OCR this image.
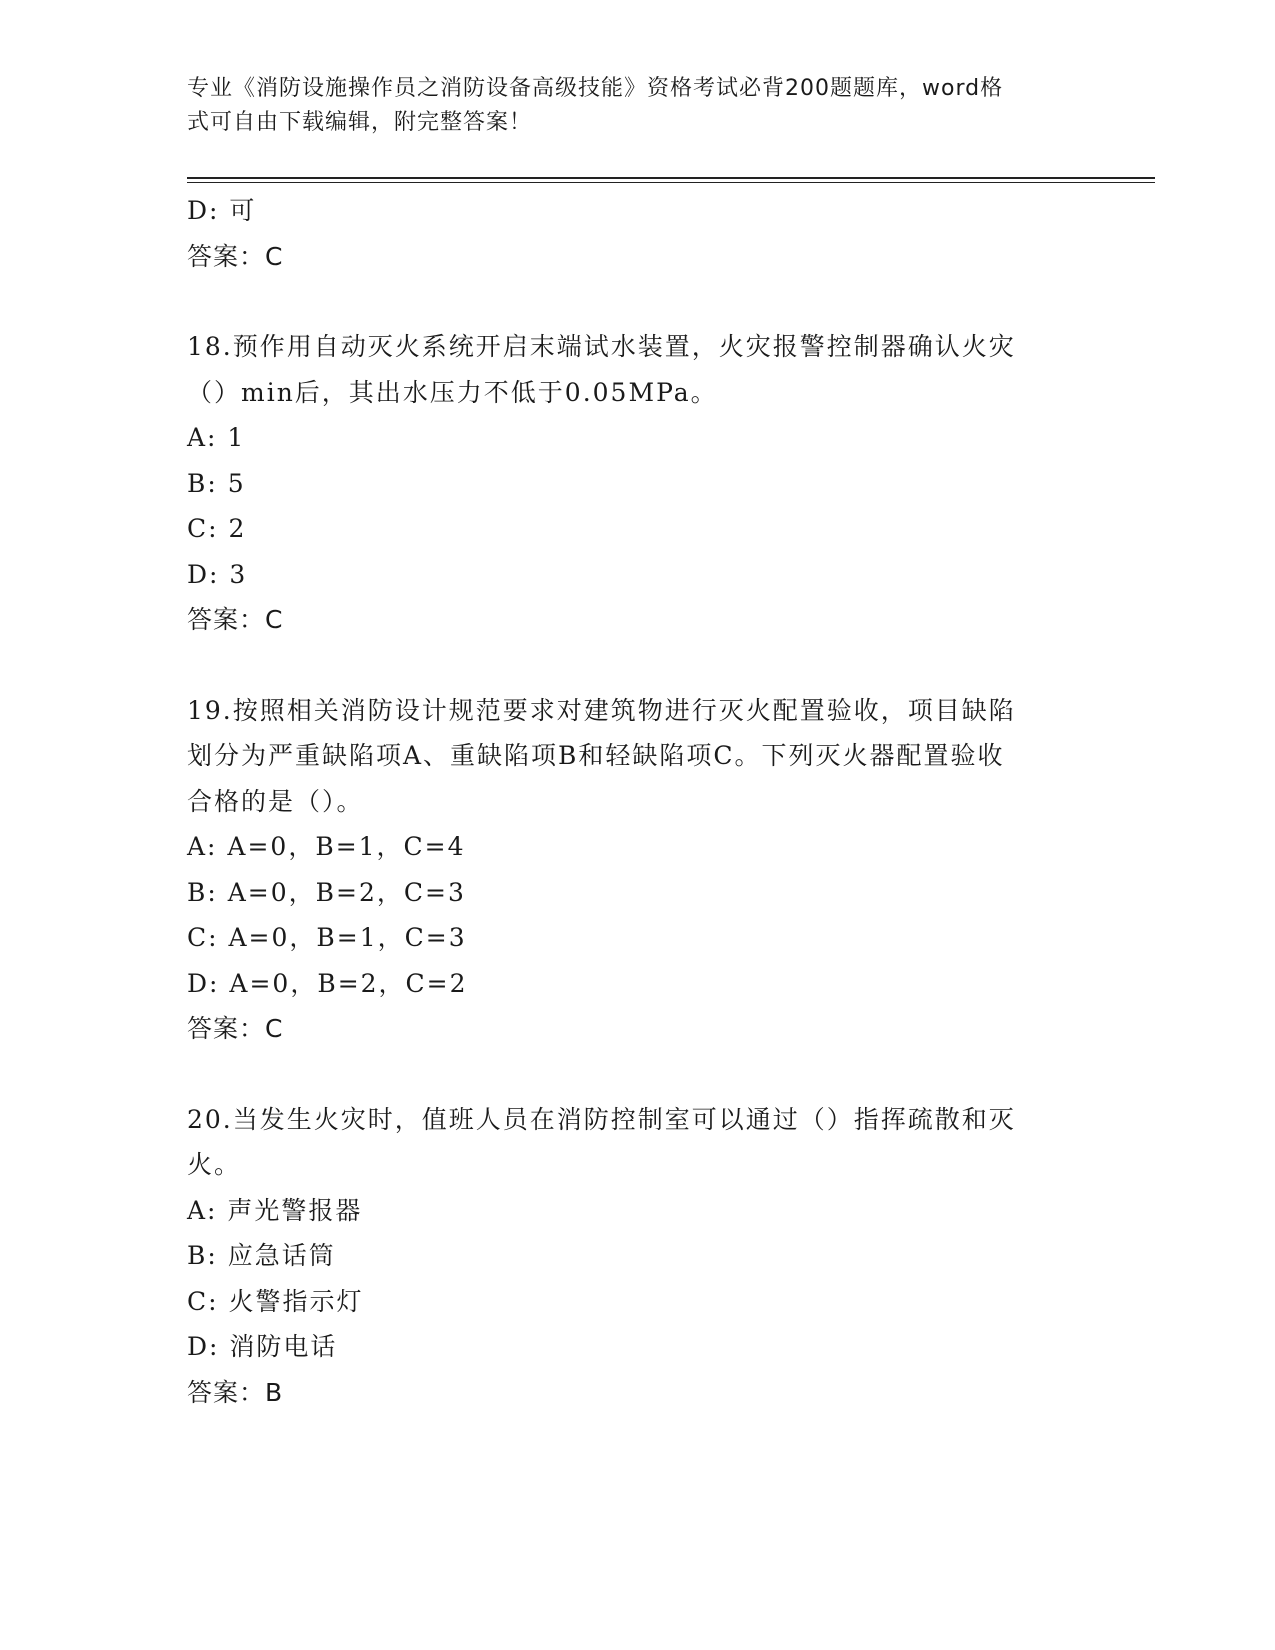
专业《消防设施操作员之消防设备高级技能》资格考试必背200题题库，word格
式可自由下载编辑，附完整答案！
D: 可
答案：C
18.预作用自动灭火系统开启末端试水装置，火灾报警控制器确认火灾
（）min后，其出水压力不低于0.05MPa。
A: 1
B: 5
C: 2
D: 3
答案：C
19.按照相关消防设计规范要求对建筑物进行灭火配置验收，项目缺陷
划分为严重缺陷项A、重缺陷项B和轻缺陷项C。下列灭火器配置验收
合格的是（）。
A: A=0，B=1，C=4
B: A=0，B=2，C=3
C: A=0，B=1，C=3
D: A=0，B=2，C=2
答案：C
20.当发生火灾时，值班人员在消防控制室可以通过（）指挥疏散和灭
火。
A: 声光警报器
B: 应急话筒
C: 火警指示灯
D: 消防电话
答案：B
